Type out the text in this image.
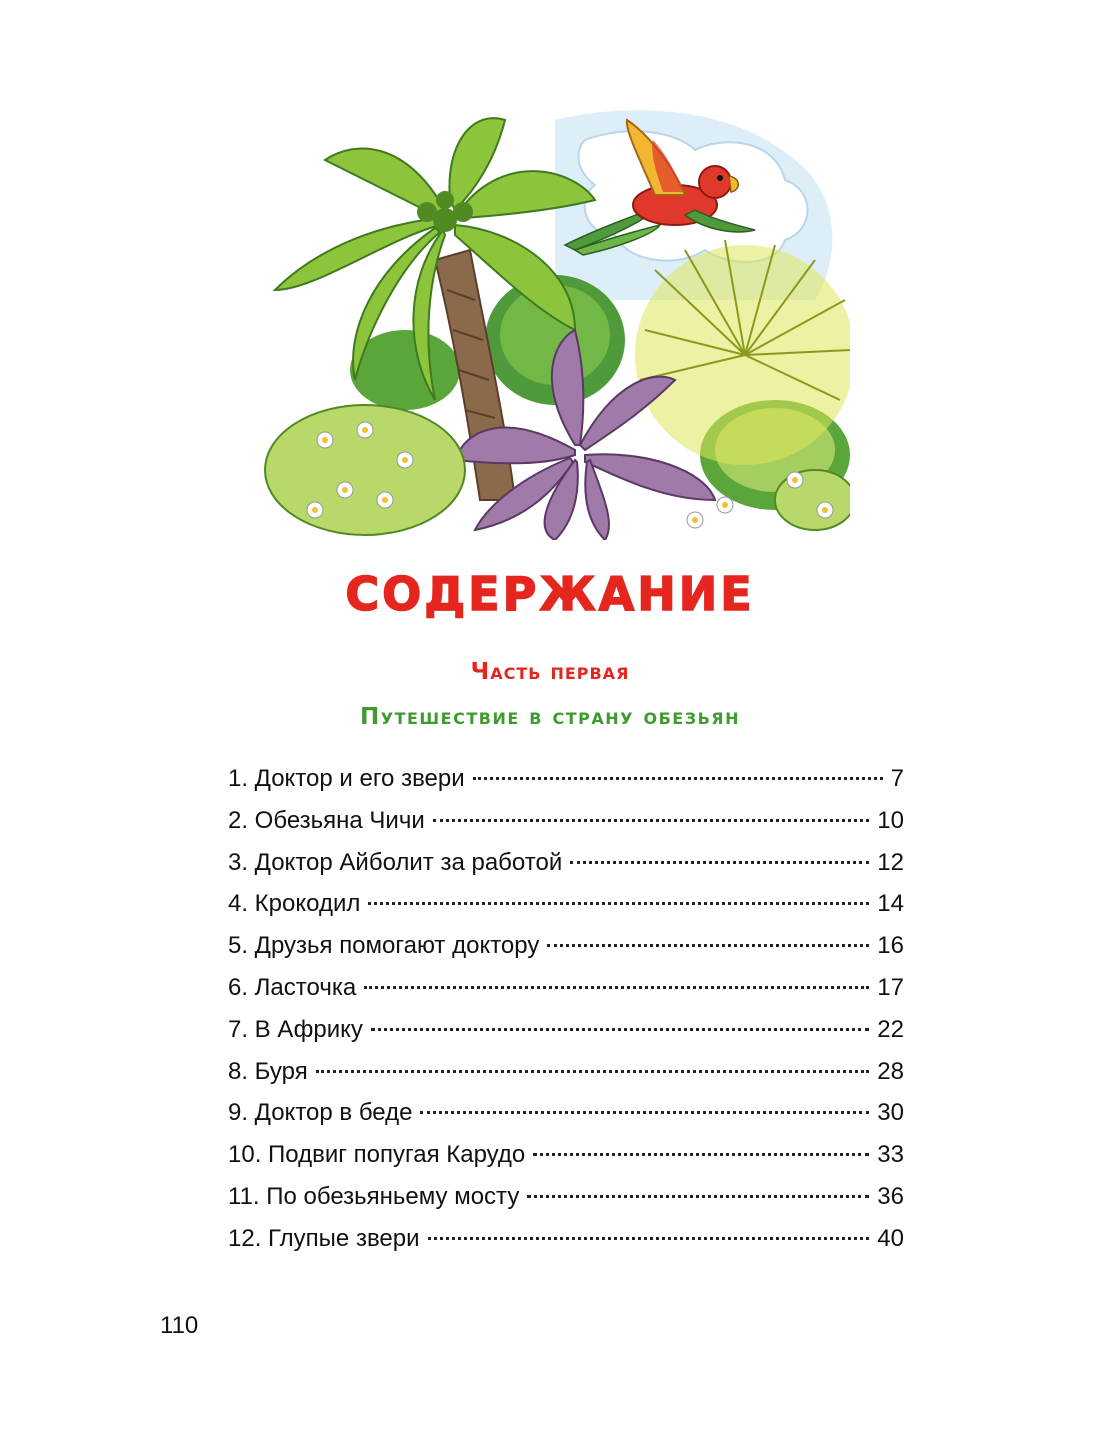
СОДЕРЖАНИЕ
Часть первая
Путешествие в страну обезьян
1. Доктор и его звери	7
2. Обезьяна Чичи	10
3. Доктор Айболит за работой	12
4. Крокодил	14
5. Друзья помогают доктору	16
6. Ласточка	17
7. В Африку	22
8. Буря	28
9. Доктор в беде	30
10. Подвиг попугая Карудо	33
11. По обезьяньему мосту	36
12. Глупые звери	40
110
